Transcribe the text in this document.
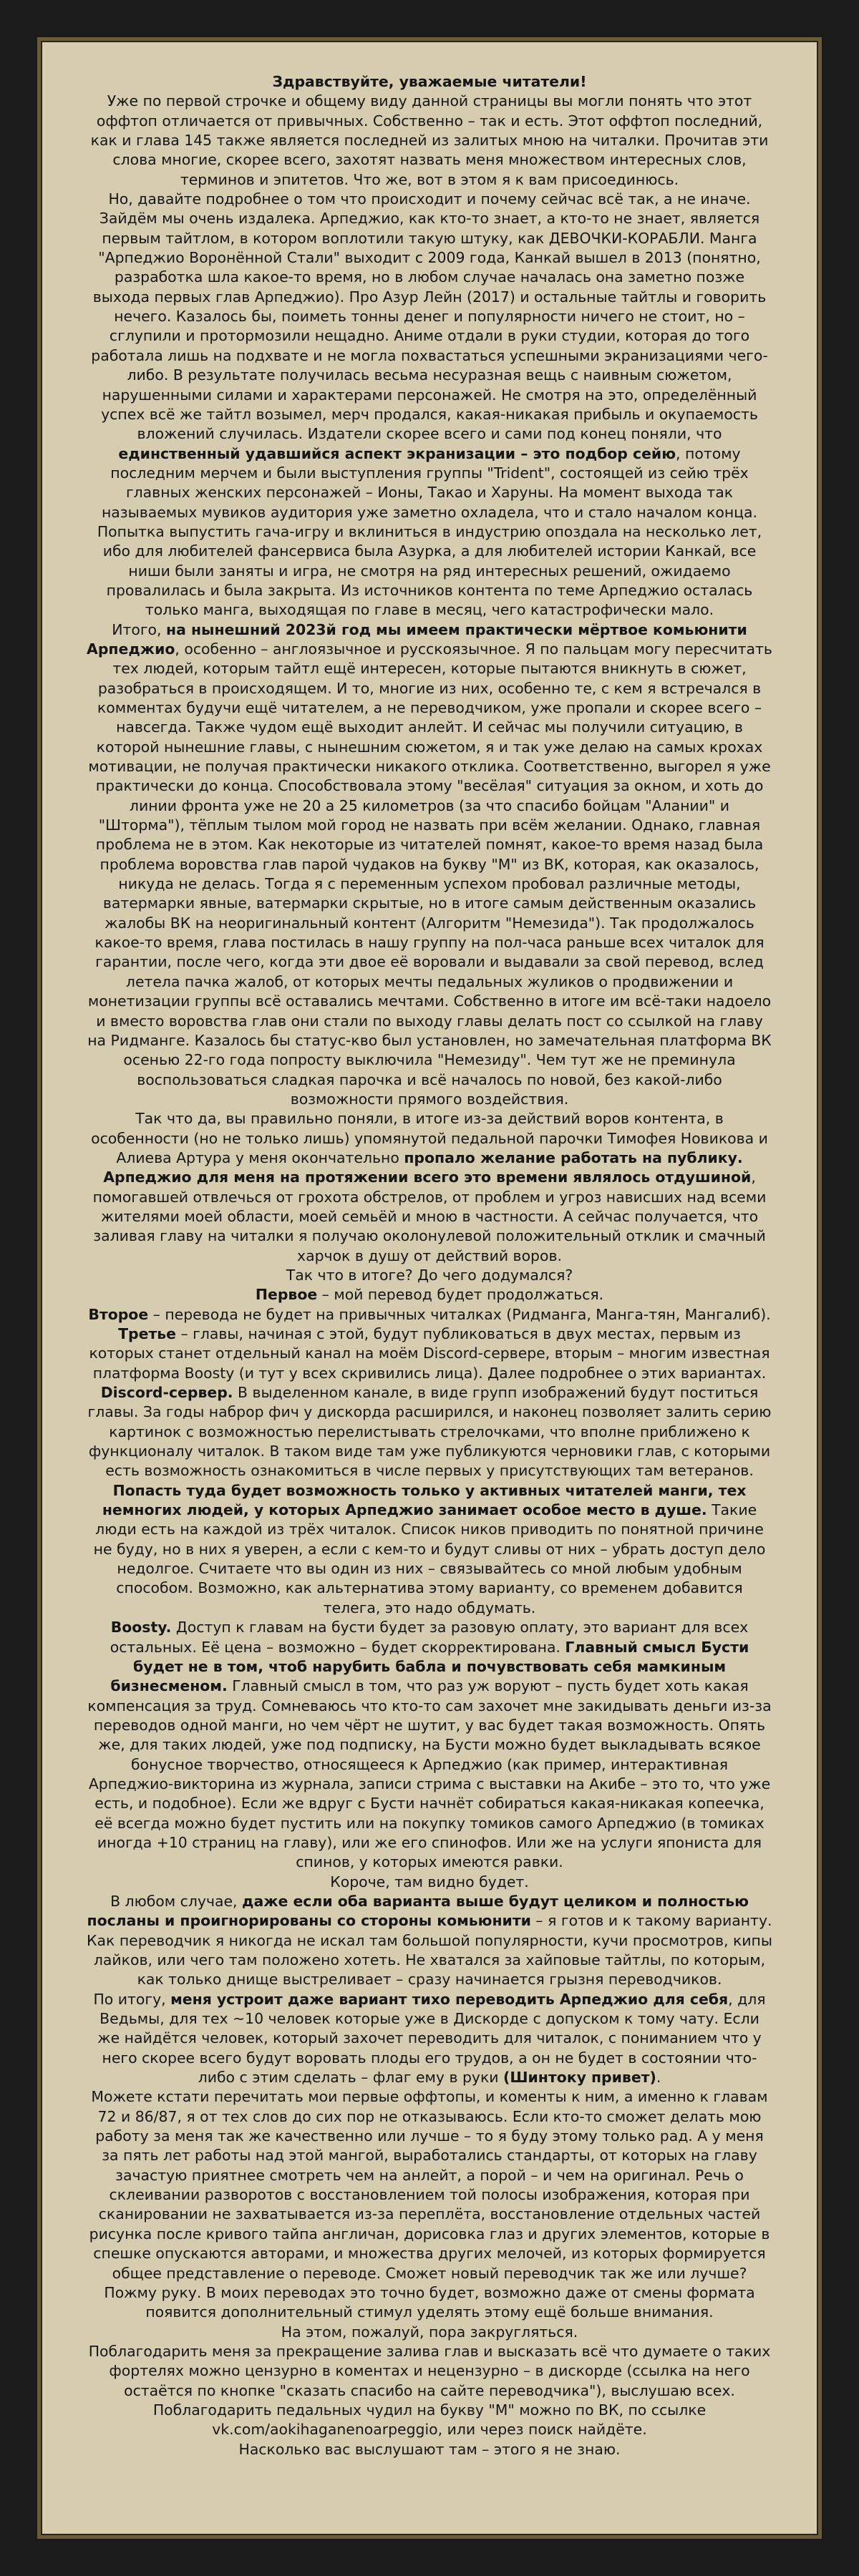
Здравствуйте, уважаемые читатели!

Уже по первой строчке и общему виду данной страницы вы могли понять что этот оффтоп отличается от привычных. Собственно – так и есть. Этот оффтоп последний, как и глава 145 также является последней из залитых мною на читалки. Прочитав эти слова многие, скорее всего, захотят назвать меня множеством интересных слов, терминов и эпитетов. Что же, вот в этом я к вам присоединюсь.

Но, давайте подробнее о том что происходит и почему сейчас всё так, а не иначе. Зайдём мы очень издалека. Арпеджио, как кто-то знает, а кто-то не знает, является первым тайтлом, в котором воплотили такую штуку, как ДЕВОЧКИ-КОРАБЛИ. Манга "Арпеджио Воронённой Стали" выходит с 2009 года, Канкай вышел в 2013 (понятно, разработка шла какое-то время, но в любом случае началась она заметно позже выхода первых глав Арпеджио). Про Азур Лейн (2017) и остальные тайтлы и говорить нечего. Казалось бы, поиметь тонны денег и популярности ничего не стоит, но – сглупили и протормозили нещадно. Аниме отдали в руки студии, которая до того работала лишь на подхвате и не могла похвастаться успешными экранизациями чего-либо. В результате получилась весьма несуразная вещь с наивным сюжетом, нарушенными силами и характерами персонажей. Не смотря на это, определённый успех всё же тайтл возымел, мерч продался, какая-никакая прибыль и окупаемость вложений случилась. Издатели скорее всего и сами под конец поняли, что единственный удавшийся аспект экранизации – это подбор сейю, потому последним мерчем и были выступления группы "Trident", состоящей из сейю трёх главных женских персонажей – Ионы, Такао и Харуны. На момент выхода так называемых мувиков аудитория уже заметно охладела, что и стало началом конца. Попытка выпустить гача-игру и вклиниться в индустрию опоздала на несколько лет, ибо для любителей фансервиса была Азурка, а для любителей истории Канкай, все ниши были заняты и игра, не смотря на ряд интересных решений, ожидаемо провалилась и была закрыта. Из источников контента по теме Арпеджио осталась только манга, выходящая по главе в месяц, чего катастрофически мало.

Итого, на нынешний 2023й год мы имеем практически мёртвое комьюнити Арпеджио, особенно – англоязычное и русскоязычное. Я по пальцам могу пересчитать тех людей, которым тайтл ещё интересен, которые пытаются вникнуть в сюжет, разобраться в происходящем. И то, многие из них, особенно те, с кем я встречался в комментах будучи ещё читателем, а не переводчиком, уже пропали и скорее всего – навсегда. Также чудом ещё выходит анлейт. И сейчас мы получили ситуацию, в которой нынешние главы, с нынешним сюжетом, я и так уже делаю на самых крохах мотивации, не получая практически никакого отклика. Соответственно, выгорел я уже практически до конца. Способствовала этому "весёлая" ситуация за окном, и хоть до линии фронта уже не 20 а 25 километров (за что спасибо бойцам "Алании" и "Шторма"), тёплым тылом мой город не назвать при всём желании. Однако, главная проблема не в этом. Как некоторые из читателей помнят, какое-то время назад была проблема воровства глав парой чудаков на букву "М" из ВК, которая, как оказалось, никуда не делась. Тогда я с переменным успехом пробовал различные методы, ватермарки явные, ватермарки скрытые, но в итоге самым действенным оказались жалобы ВК на неоригинальный контент (Алгоритм "Немезида"). Так продолжалось какое-то время, глава постилась в нашу группу на пол-часа раньше всех читалок для гарантии, после чего, когда эти двое её воровали и выдавали за свой перевод, вслед летела пачка жалоб, от которых мечты педальных жуликов о продвижении и монетизации группы всё оставались мечтами. Собственно в итоге им всё-таки надоело и вместо воровства глав они стали по выходу главы делать пост со ссылкой на главу на Ридманге. Казалось бы статус-кво был установлен, но замечательная платформа ВК осенью 22-го года попросту выключила "Немезиду". Чем тут же не преминула воспользоваться сладкая парочка и всё началось по новой, без какой-либо возможности прямого воздействия.

Так что да, вы правильно поняли, в итоге из-за действий воров контента, в особенности (но не только лишь) упомянутой педальной парочки Тимофея Новикова и Алиева Артура у меня окончательно пропало желание работать на публику.

Арпеджио для меня на протяжении всего это времени являлось отдушиной, помогавшей отвлечься от грохота обстрелов, от проблем и угроз нависших над всеми жителями моей области, моей семьёй и мною в частности. А сейчас получается, что заливая главу на читалки я получаю околонулевой положительный отклик и смачный харчок в душу от действий воров.

Так что в итоге? До чего додумался?

Первое – мой перевод будет продолжаться.

Второе – перевода не будет на привычных читалках (Ридманга, Манга-тян, Мангалиб).

Третье – главы, начиная с этой, будут публиковаться в двух местах, первым из которых станет отдельный канал на моём Discord-сервере, вторым – многим известная платформа Boosty (и тут у всех скривились лица). Далее подробнее о этих вариантах.

Discord-сервер. В выделенном канале, в виде групп изображений будут поститься главы. За годы наброр фич у дискорда расширился, и наконец позволяет залить серию картинок с возможностью перелистывать стрелочками, что вполне приближено к функционалу читалок. В таком виде там уже публикуются черновики глав, с которыми есть возможность ознакомиться в числе первых у присутствующих там ветеранов.

Попасть туда будет возможность только у активных читателей манги, тех немногих людей, у которых Арпеджио занимает особое место в душе. Такие люди есть на каждой из трёх читалок. Список ников приводить по понятной причине не буду, но в них я уверен, а если с кем-то и будут сливы от них – убрать доступ дело недолгое. Считаете что вы один из них – связывайтесь со мной любым удобным способом. Возможно, как альтернатива этому варианту, со временем добавится телега, это надо обдумать.

Boosty. Доступ к главам на бусти будет за разовую оплату, это вариант для всех остальных. Её цена – возможно – будет скорректирована. Главный смысл Бусти будет не в том, чтоб нарубить бабла и почувствовать себя мамкиным бизнесменом. Главный смысл в том, что раз уж воруют – пусть будет хоть какая компенсация за труд. Сомневаюсь что кто-то сам захочет мне закидывать деньги из-за переводов одной манги, но чем чёрт не шутит, у вас будет такая возможность. Опять же, для таких людей, уже под подписку, на Бусти можно будет выкладывать всякое бонусное творчество, относящееся к Арпеджио (как пример, интерактивная Арпеджио-викторина из журнала, записи стрима с выставки на Акибе – это то, что уже есть, и подобное). Если же вдруг с Бусти начнёт собираться какая-никакая копеечка, её всегда можно будет пустить или на покупку томиков самого Арпеджио (в томиках иногда +10 страниц на главу), или же его спинофов. Или же на услуги япониста для спинов, у которых имеются равки.

Короче, там видно будет.

В любом случае, даже если оба варианта выше будут целиком и полностью посланы и проигнорированы со стороны комьюнити – я готов и к такому варианту. Как переводчик я никогда не искал там большой популярности, кучи просмотров, кипы лайков, или чего там положено хотеть. Не хватался за хайповые тайтлы, по которым, как только днище выстреливает – сразу начинается грызня переводчиков.

По итогу, меня устроит даже вариант тихо переводить Арпеджио для себя, для Ведьмы, для тех ~10 человек которые уже в Дискорде с допуском к тому чату. Если же найдётся человек, который захочет переводить для читалок, с пониманием что у него скорее всего будут воровать плоды его трудов, а он не будет в состоянии что-либо с этим сделать – флаг ему в руки (Шинтоку привет).

Можете кстати перечитать мои первые оффтопы, и коменты к ним, а именно к главам 72 и 86/87, я от тех слов до сих пор не отказываюсь. Если кто-то сможет делать мою работу за меня так же качественно или лучше – то я буду этому только рад. А у меня за пять лет работы над этой мангой, выработались стандарты, от которых на главу зачастую приятнее смотреть чем на анлейт, а порой – и чем на оригинал. Речь о склеивании разворотов с восстановлением той полосы изображения, которая при сканировании не захватывается из-за переплёта, восстановление отдельных частей рисунка после кривого тайпа англичан, дорисовка глаз и других элементов, которые в спешке опускаются авторами, и множества других мелочей, из которых формируется общее представление о переводе. Сможет новый переводчик так же или лучше? Пожму руку. В моих переводах это точно будет, возможно даже от смены формата появится дополнительный стимул уделять этому ещё больше внимания.

На этом, пожалуй, пора закругляться.

Поблагодарить меня за прекращение залива глав и высказать всё что думаете о таких фортелях можно цензурно в коментах и нецензурно – в дискорде (ссылка на него остаётся по кнопке "сказать спасибо на сайте переводчика"), выслушаю всех.

Поблагодарить педальных чудил на букву "М" можно по ВК, по ссылке vk.com/aokihaganenoarpeggio, или через поиск найдёте.

Насколько вас выслушают там – этого я не знаю.
